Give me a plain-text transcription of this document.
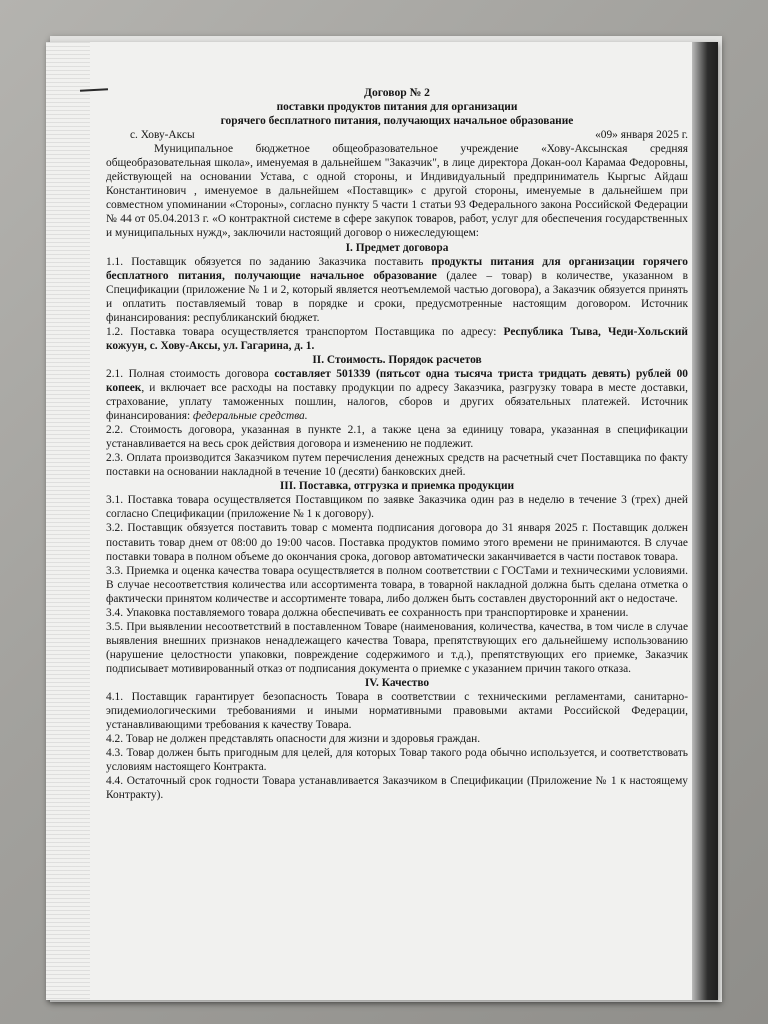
Договор № 2
поставки продуктов питания для организации
горячего бесплатного питания, получающих начальное образование
с. Хову-Аксы	«09» января 2025 г.

Муниципальное бюджетное общеобразовательное учреждение «Хову-Аксынская средняя общеобразовательная школа», именуемая в дальнейшем "Заказчик", в лице директора Докан-оол Карамаа Федоровны, действующей на основании Устава, с одной стороны, и Индивидуальный предприниматель Кыргыс Айдаш Константинович , именуемое в дальнейшем «Поставщик» с другой стороны, именуемые в дальнейшем при совместном упоминании «Стороны», согласно пункту 5 части 1 статьи 93 Федерального закона Российской Федерации № 44 от 05.04.2013 г. «О контрактной системе в сфере закупок товаров, работ, услуг для обеспечения государственных и муниципальных нужд», заключили настоящий договор о нижеследующем:

I. Предмет договора

1.1. Поставщик обязуется по заданию Заказчика поставить продукты питания для организации горячего бесплатного питания, получающие начальное образование (далее – товар) в количестве, указанном в Спецификации (приложение № 1 и 2, который является неотъемлемой частью договора), а Заказчик обязуется принять и оплатить поставляемый товар в порядке и сроки, предусмотренные настоящим договором. Источник финансирования: республиканский бюджет.

1.2. Поставка товара осуществляется транспортом Поставщика по адресу: Республика Тыва, Чеди-Хольский кожуун, с. Хову-Аксы, ул. Гагарина, д. 1.

II. Стоимость. Порядок расчетов

2.1. Полная стоимость договора составляет 501339 (пятьсот одна тысяча триста тридцать девять) рублей 00 копеек, и включает все расходы на поставку продукции по адресу Заказчика, разгрузку товара в месте доставки, страхование, уплату таможенных пошлин, налогов, сборов и других обязательных платежей. Источник финансирования: федеральные средства.

2.2. Стоимость договора, указанная в пункте 2.1, а также цена за единицу товара, указанная в спецификации устанавливается на весь срок действия договора и изменению не подлежит.

2.3. Оплата производится Заказчиком путем перечисления денежных средств на расчетный счет Поставщика по факту поставки на основании накладной в течение 10 (десяти) банковских дней.

III. Поставка, отгрузка и приемка продукции

3.1. Поставка товара осуществляется Поставщиком по заявке Заказчика один раз в неделю в течение 3 (трех) дней согласно Спецификации (приложение № 1 к договору).

3.2. Поставщик обязуется поставить товар с момента подписания договора до 31 января 2025 г. Поставщик должен поставить товар днем от 08:00 до 19:00 часов. Поставка продуктов помимо этого времени не принимаются. В случае поставки товара в полном объеме до окончания срока, договор автоматически заканчивается в части поставок товара.

3.3. Приемка и оценка качества товара осуществляется в полном соответствии с ГОСТами и техническими условиями. В случае несоответствия количества или ассортимента товара, в товарной накладной должна быть сделана отметка о фактически принятом количестве и ассортименте товара, либо должен быть составлен двусторонний акт о недостаче.

3.4. Упаковка поставляемого товара должна обеспечивать ее сохранность при транспортировке и хранении.

3.5. При выявлении несоответствий в поставленном Товаре (наименования, количества, качества, в том числе в случае выявления внешних признаков ненадлежащего качества Товара, препятствующих его дальнейшему использованию (нарушение целостности упаковки, повреждение содержимого и т.д.), препятствующих его приемке, Заказчик подписывает мотивированный отказ от подписания документа о приемке с указанием причин такого отказа.

IV. Качество

4.1. Поставщик гарантирует безопасность Товара в соответствии с техническими регламентами, санитарно-эпидемиологическими требованиями и иными нормативными правовыми актами Российской Федерации, устанавливающими требования к качеству Товара.

4.2. Товар не должен представлять опасности для жизни и здоровья граждан.

4.3. Товар должен быть пригодным для целей, для которых Товар такого рода обычно используется, и соответствовать условиям настоящего Контракта.

4.4. Остаточный срок годности Товара устанавливается Заказчиком в Спецификации (Приложение № 1 к настоящему Контракту).
